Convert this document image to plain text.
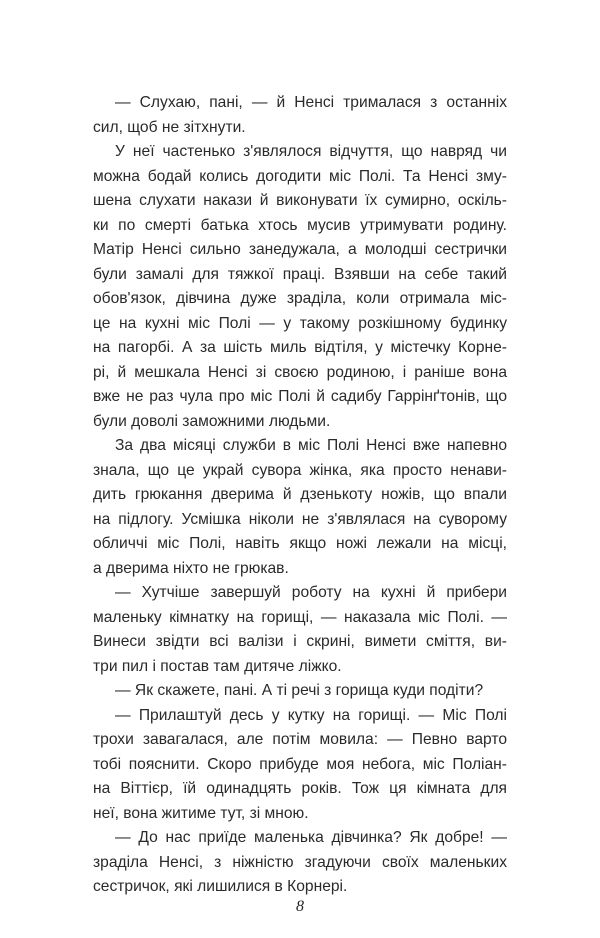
— Слухаю, пані, — й Ненсі трималася з останніх
сил, щоб не зітхнути.
У неї частенько з'являлося відчуття, що навряд чи
можна бодай колись догодити міс Полі. Та Ненсі зму-
шена слухати накази й виконувати їх сумирно, оскіль-
ки по смерті батька хтось мусив утримувати родину.
Матір Ненсі сильно занедужала, а молодші сестрички
були замалі для тяжкої праці. Взявши на себе такий
обов'язок, дівчина дуже зраділа, коли отримала міс-
це на кухні міс Полі — у такому розкішному будинку
на пагорбі. А за шість миль відтіля, у містечку Корне-
рі, й мешкала Ненсі зі своєю родиною, і раніше вона
вже не раз чула про міс Полі й садибу Гаррінґтонів, що
були доволі заможними людьми.
За два місяці служби в міс Полі Ненсі вже напевно
знала, що це украй сувора жінка, яка просто ненави-
дить грюкання дверима й дзенькоту ножів, що впали
на підлогу. Усмішка ніколи не з'являлася на суворому
обличчі міс Полі, навіть якщо ножі лежали на місці,
а дверима ніхто не грюкав.
— Хутчіше завершуй роботу на кухні й прибери
маленьку кімнатку на горищі, — наказала міс Полі. —
Винеси звідти всі валізи і скрині, вимети сміття, ви-
три пил і постав там дитяче ліжко.
— Як скажете, пані. А ті речі з горища куди подіти?
— Прилаштуй десь у кутку на горищі. — Міс Полі
трохи завагалася, але потім мовила: — Певно варто
тобі пояснити. Скоро прибуде моя небога, міс Поліан-
на Віттієр, їй одинадцять років. Тож ця кімната для
неї, вона житиме тут, зі мною.
— До нас приїде маленька дівчинка? Як добре! —
зраділа Ненсі, з ніжністю згадуючи своїх маленьких
сестричок, які лишилися в Корнері.
8
